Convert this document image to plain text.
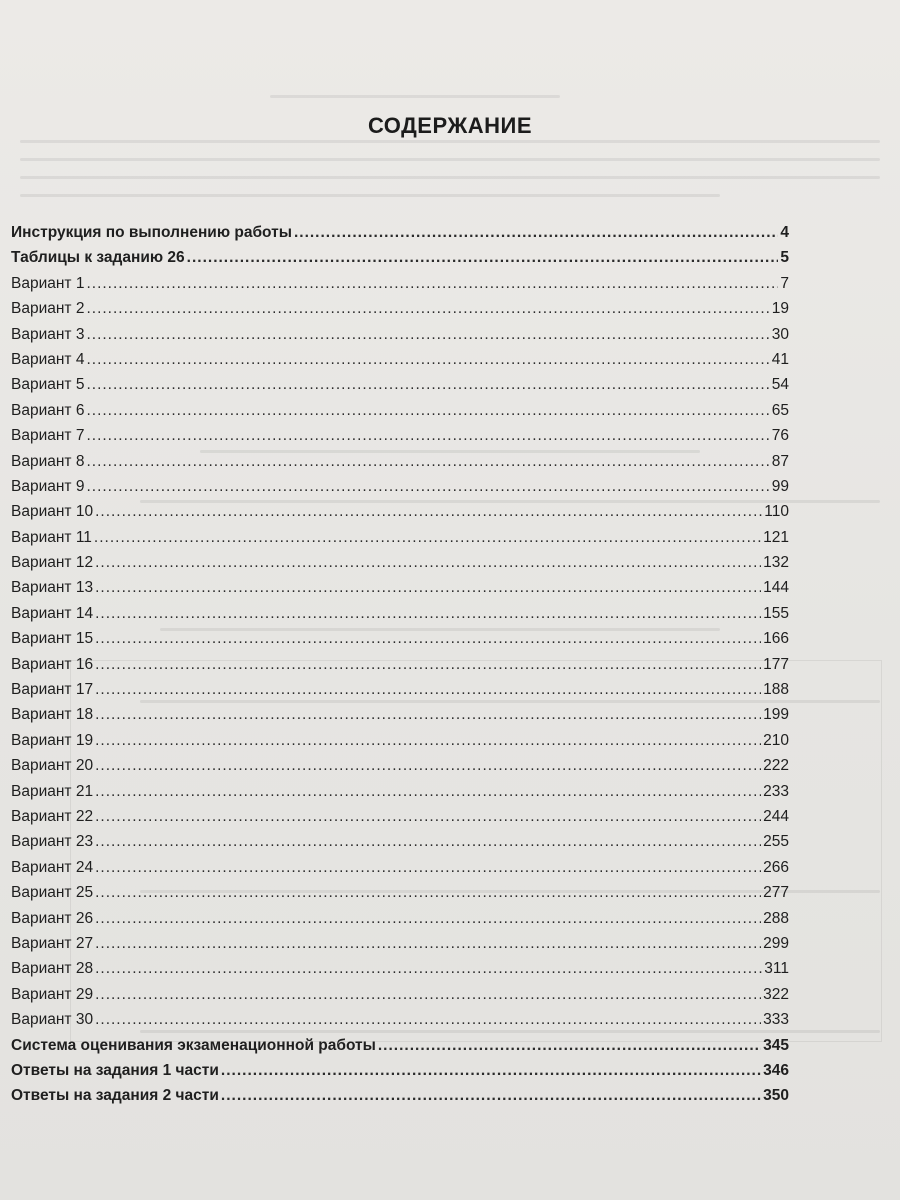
СОДЕРЖАНИЕ
Инструкция по выполнению работы .....	4
Таблицы к заданию 26 .....	5
Вариант 1 .....	7
Вариант 2 .....	19
Вариант 3 .....	30
Вариант 4 .....	41
Вариант 5 .....	54
Вариант 6 .....	65
Вариант 7 .....	76
Вариант 8 .....	87
Вариант 9 .....	99
Вариант 10 .....	110
Вариант 11 .....	121
Вариант 12 .....	132
Вариант 13 .....	144
Вариант 14 .....	155
Вариант 15 .....	166
Вариант 16 .....	177
Вариант 17 .....	188
Вариант 18 .....	199
Вариант 19 .....	210
Вариант 20 .....	222
Вариант 21 .....	233
Вариант 22 .....	244
Вариант 23 .....	255
Вариант 24 .....	266
Вариант 25 .....	277
Вариант 26 .....	288
Вариант 27 .....	299
Вариант 28 .....	311
Вариант 29 .....	322
Вариант 30 .....	333
Система оценивания экзаменационной работы .....	345
Ответы на задания 1 части .....	346
Ответы на задания 2 части .....	350
